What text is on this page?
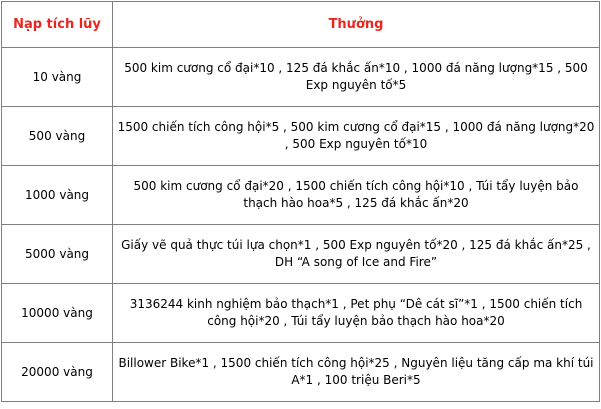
Nạp tích lũy	Thưởng
10 vàng	500 kim cương cổ đại*10 , 125 đá khắc ấn*10 , 1000 đá năng lượng*15 , 500 Exp nguyên tố*5
500 vàng	1500 chiến tích công hội*5 , 500 kim cương cổ đại*15 , 1000 đá năng lượng*20 , 500 Exp nguyên tố*10
1000 vàng	500 kim cương cổ đại*20 , 1500 chiến tích công hội*10 , Túi tẩy luyện bảo thạch hào hoa*5 , 125 đá khắc ấn*20
5000 vàng	Giấy vẽ quả thực túi lựa chọn*1 , 500 Exp nguyên tố*20 , 125 đá khắc ấn*25 , DH “A song of Ice and Fire”
10000 vàng	3136244 kinh nghiệm bảo thạch*1 , Pet phụ “Dê cát sĩ”*1 , 1500 chiến tích công hội*20 , Túi tẩy luyện bảo thạch hào hoa*20
20000 vàng	Billower Bike*1 , 1500 chiến tích công hội*25 , Nguyên liệu tăng cấp ma khí túi A*1 , 100 triệu Beri*5
